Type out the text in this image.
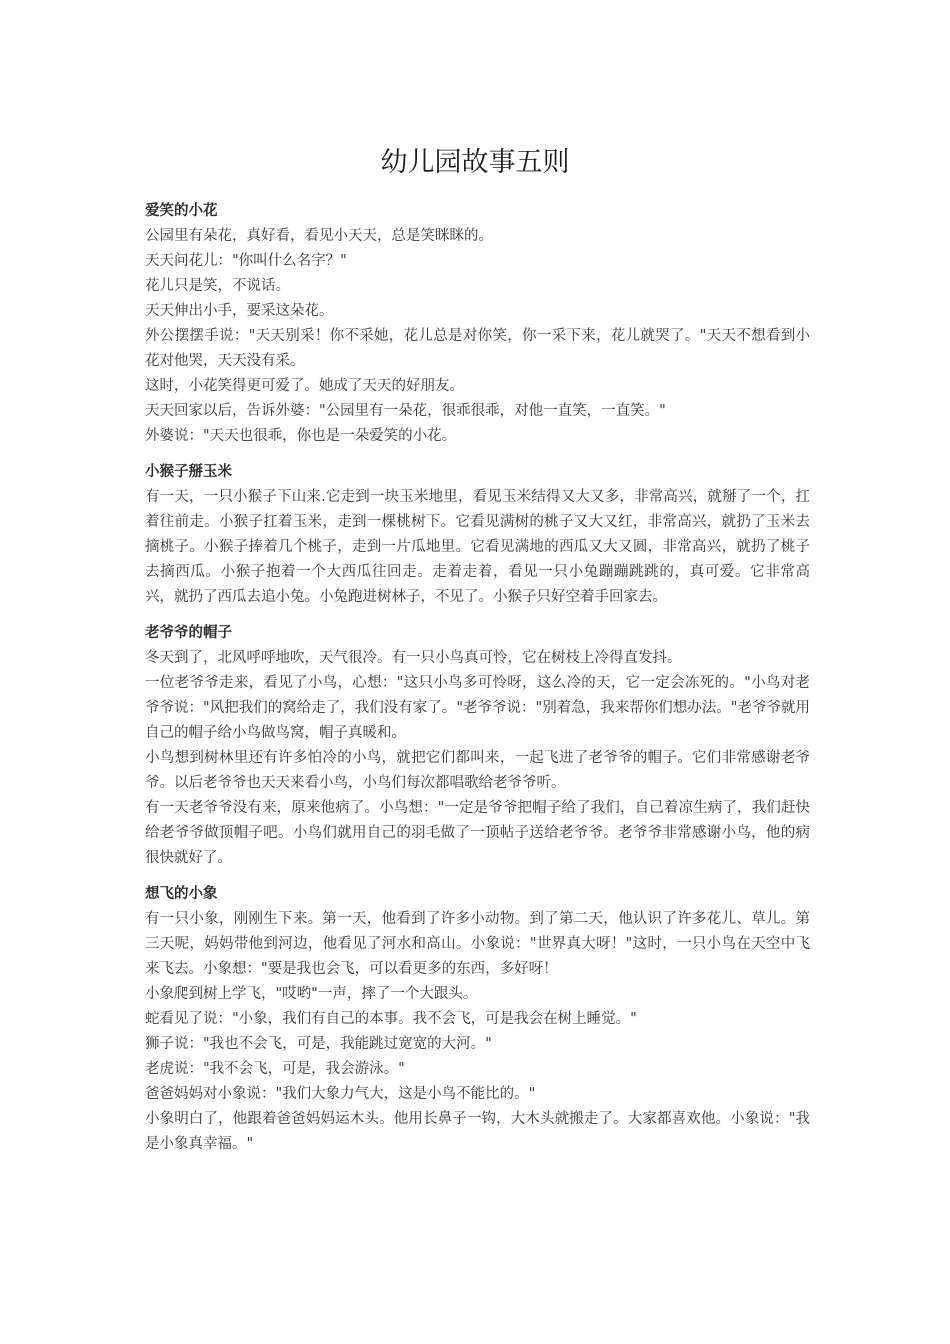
幼儿园故事五则
爱笑的小花

公园里有朵花，真好看，看见小天天，总是笑眯眯的。

天天问花儿："你叫什么名字？"

花儿只是笑，不说话。

天天伸出小手，要采这朵花。

外公摆摆手说："天天别采！你不采她，花儿总是对你笑，你一采下来，花儿就哭了。"天天不想看到小花对他哭，天天没有采。

这时，小花笑得更可爱了。她成了天天的好朋友。

天天回家以后，告诉外婆："公园里有一朵花，很乖很乖，对他一直笑，一直笑。"

外婆说："天天也很乖，你也是一朵爱笑的小花。

小猴子掰玉米

有一天，一只小猴子下山来.它走到一块玉米地里，看见玉米结得又大又多，非常高兴，就掰了一个，扛着往前走。小猴子扛着玉米，走到一棵桃树下。它看见满树的桃子又大又红，非常高兴，就扔了玉米去摘桃子。小猴子捧着几个桃子，走到一片瓜地里。它看见满地的西瓜又大又圆，非常高兴，就扔了桃子去摘西瓜。小猴子抱着一个大西瓜往回走。走着走着，看见一只小兔蹦蹦跳跳的，真可爱。它非常高兴，就扔了西瓜去追小兔。小兔跑进树林子，不见了。小猴子只好空着手回家去。

老爷爷的帽子

冬天到了，北风呼呼地吹，天气很冷。有一只小鸟真可怜，它在树枝上冷得直发抖。

一位老爷爷走来，看见了小鸟，心想："这只小鸟多可怜呀，这么冷的天，它一定会冻死的。"小鸟对老爷爷说："风把我们的窝给走了，我们没有家了。"老爷爷说："别着急，我来帮你们想办法。"老爷爷就用自己的帽子给小鸟做鸟窝，帽子真暖和。

小鸟想到树林里还有许多怕冷的小鸟，就把它们都叫来，一起飞进了老爷爷的帽子。它们非常感谢老爷爷。以后老爷爷也天天来看小鸟，小鸟们每次都唱歌给老爷爷听。

有一天老爷爷没有来，原来他病了。小鸟想："一定是爷爷把帽子给了我们，自己着凉生病了，我们赶快给老爷爷做顶帽子吧。小鸟们就用自己的羽毛做了一顶帖子送给老爷爷。老爷爷非常感谢小鸟，他的病很快就好了。

想飞的小象

有一只小象，刚刚生下来。第一天，他看到了许多小动物。到了第二天，他认识了许多花儿、草儿。第三天呢，妈妈带他到河边，他看见了河水和高山。小象说："世界真大呀！"这时，一只小鸟在天空中飞来飞去。小象想："要是我也会飞，可以看更多的东西，多好呀！

小象爬到树上学飞，"哎哟"一声，摔了一个大跟头。

蛇看见了说："小象，我们有自己的本事。我不会飞，可是我会在树上睡觉。"

狮子说："我也不会飞，可是，我能跳过宽宽的大河。"

老虎说："我不会飞，可是，我会游泳。"

爸爸妈妈对小象说："我们大象力气大，这是小鸟不能比的。"

小象明白了，他跟着爸爸妈妈运木头。他用长鼻子一钩，大木头就搬走了。大家都喜欢他。小象说："我是小象真幸福。"
